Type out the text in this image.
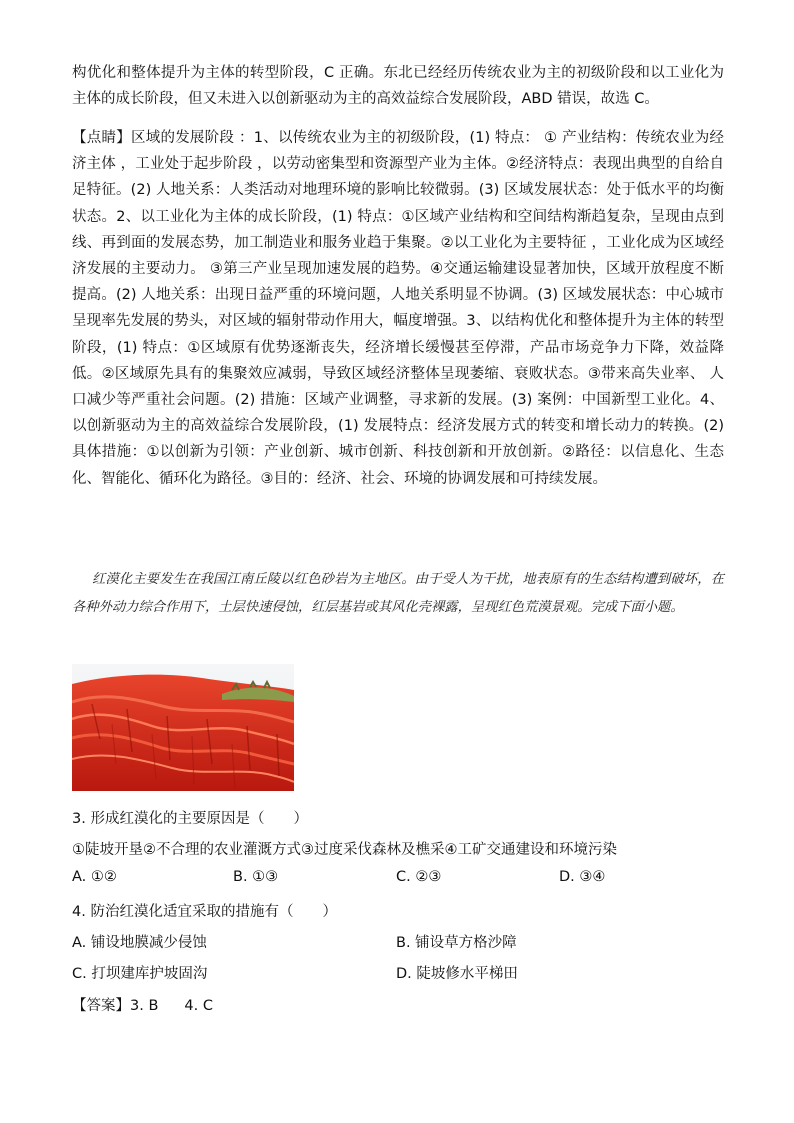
构优化和整体提升为主体的转型阶段，C 正确。东北已经经历传统农业为主的初级阶段和以工业化为主体的成长阶段，但又未进入以创新驱动为主的高效益综合发展阶段，ABD 错误，故选 C。
【点睛】区域的发展阶段 ：1、以传统农业为主的初级阶段，(1) 特点： ① 产业结构：传统农业为经济主体 ，工业处于起步阶段 ，以劳动密集型和资源型产业为主体。②经济特点：表现出典型的自给自足特征。(2) 人地关系：人类活动对地理环境的影响比较微弱。(3) 区域发展状态：处于低水平的均衡状态。2、以工业化为主体的成长阶段，(1) 特点：①区域产业结构和空间结构渐趋复杂，呈现由点到线、再到面的发展态势，加工制造业和服务业趋于集聚。②以工业化为主要特征 ，工业化成为区域经济发展的主要动力。 ③第三产业呈现加速发展的趋势。④交通运输建设显著加快，区域开放程度不断提高。(2) 人地关系：出现日益严重的环境问题，人地关系明显不协调。(3) 区域发展状态：中心城市呈现率先发展的势头，对区域的辐射带动作用大，幅度增强。3、以结构优化和整体提升为主体的转型阶段，(1) 特点：①区域原有优势逐渐丧失，经济增长缓慢甚至停滞，产品市场竞争力下降，效益降低。②区域原先具有的集聚效应减弱，导致区域经济整体呈现萎缩、衰败状态。③带来高失业率、 人口减少等严重社会问题。(2) 措施：区域产业调整，寻求新的发展。(3) 案例：中国新型工业化。4、以创新驱动为主的高效益综合发展阶段，(1) 发展特点：经济发展方式的转变和增长动力的转换。(2) 具体措施：①以创新为引领：产业创新、城市创新、科技创新和开放创新。②路径：以信息化、生态化、智能化、循环化为路径。③目的：经济、社会、环境的协调发展和可持续发展。
红漠化主要发生在我国江南丘陵以红色砂岩为主地区。由于受人为干扰，地表原有的生态结构遭到破坏，在各种外动力综合作用下，土层快速侵蚀，红层基岩或其风化壳裸露，呈现红色荒漠景观。完成下面小题。
3. 形成红漠化的主要原因是（　　）
①陡坡开垦②不合理的农业灌溉方式③过度采伐森林及樵采④工矿交通建设和环境污染
A. ①②	B. ①③	C. ②③	D. ③④
4. 防治红漠化适宜采取的措施有（　　）
A. 铺设地膜减少侵蚀	B. 铺设草方格沙障
C. 打坝建库护坡固沟	D. 陡坡修水平梯田
【答案】3. B 4. C
